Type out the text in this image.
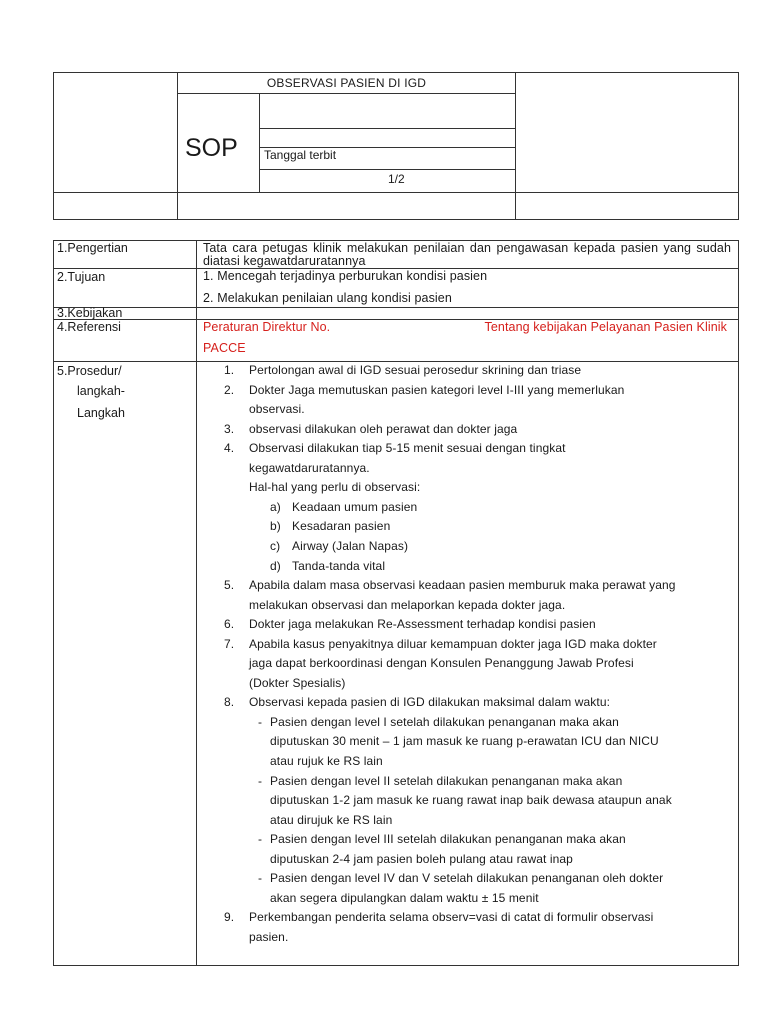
OBSERVASI PASIEN DI IGD
SOP Tanggal terbit
1/2
1.Pengertian	Tata cara petugas klinik melakukan penilaian dan pengawasan kepada pasien yang sudah diatasi kegawatdaruratannya
2.Tujuan	1. Mencegah terjadinya perburukan kondisi pasien
2. Melakukan penilaian ulang kondisi pasien
3.Kebijakan
4.Referensi	Peraturan Direktur No.	Tentang kebijakan Pelayanan Pasien Klinik
PACCE
5.Prosedur/
langkah-
Langkah
1. Pertolongan awal di IGD sesuai perosedur skrining dan triase
2. Dokter Jaga memutuskan pasien kategori level I-III yang memerlukan
observasi.
3. observasi dilakukan oleh perawat dan dokter jaga
4. Observasi dilakukan tiap 5-15 menit sesuai dengan tingkat
kegawatdaruratannya.
Hal-hal yang perlu di observasi:
a) Keadaan umum pasien
b) Kesadaran pasien
c) Airway (Jalan Napas)
d) Tanda-tanda vital
5. Apabila dalam masa observasi keadaan pasien memburuk maka perawat yang
melakukan observasi dan melaporkan kepada dokter jaga.
6. Dokter jaga melakukan Re-Assessment terhadap kondisi pasien
7. Apabila kasus penyakitnya diluar kemampuan dokter jaga IGD maka dokter
jaga dapat berkoordinasi dengan Konsulen Penanggung Jawab Profesi
(Dokter Spesialis)
8. Observasi kepada pasien di IGD dilakukan maksimal dalam waktu:
- Pasien dengan level I setelah dilakukan penanganan maka akan
diputuskan 30 menit – 1 jam masuk ke ruang p-erawatan ICU dan NICU
atau rujuk ke RS lain
- Pasien dengan level II setelah dilakukan penanganan maka akan
diputuskan 1-2 jam masuk ke ruang rawat inap baik dewasa ataupun anak
atau dirujuk ke RS lain
- Pasien dengan level III setelah dilakukan penanganan maka akan
diputuskan 2-4 jam pasien boleh pulang atau rawat inap
- Pasien dengan level IV dan V setelah dilakukan penanganan oleh dokter
akan segera dipulangkan dalam waktu ± 15 menit
9. Perkembangan penderita selama observ=vasi di catat di formulir observasi
pasien.
